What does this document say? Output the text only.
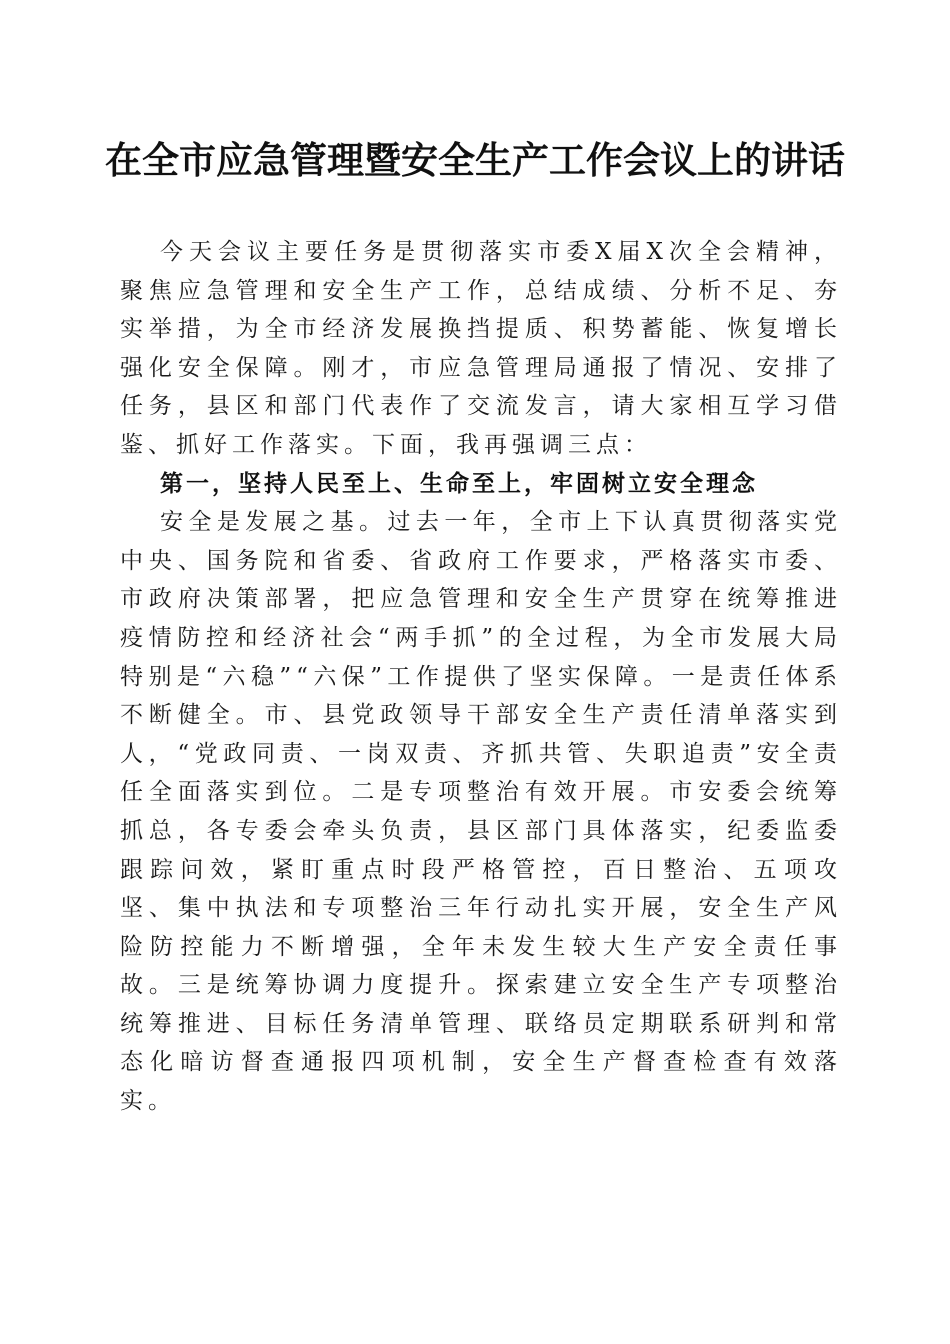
在全市应急管理暨安全生产工作会议上的讲话

今天会议主要任务是贯彻落实市委X届X次全会精神，聚焦应急管理和安全生产工作，总结成绩、分析不足、夯实举措，为全市经济发展换挡提质、积势蓄能、恢复增长强化安全保障。刚才，市应急管理局通报了情况、安排了任务，县区和部门代表作了交流发言，请大家相互学习借鉴、抓好工作落实。下面，我再强调三点：

第一，坚持人民至上、生命至上，牢固树立安全理念

安全是发展之基。过去一年，全市上下认真贯彻落实党中央、国务院和省委、省政府工作要求，严格落实市委、市政府决策部署，把应急管理和安全生产贯穿在统筹推进疫情防控和经济社会“两手抓”的全过程，为全市发展大局特别是“六稳”“六保”工作提供了坚实保障。一是责任体系不断健全。市、县党政领导干部安全生产责任清单落实到人，“党政同责、一岗双责、齐抓共管、失职追责”安全责任全面落实到位。二是专项整治有效开展。市安委会统筹抓总，各专委会牵头负责，县区部门具体落实，纪委监委跟踪问效，紧盯重点时段严格管控，百日整治、五项攻坚、集中执法和专项整治三年行动扎实开展，安全生产风险防控能力不断增强，全年未发生较大生产安全责任事故。三是统筹协调力度提升。探索建立安全生产专项整治统筹推进、目标任务清单管理、联络员定期联系研判和常态化暗访督查通报四项机制，安全生产督查检查有效落实。
